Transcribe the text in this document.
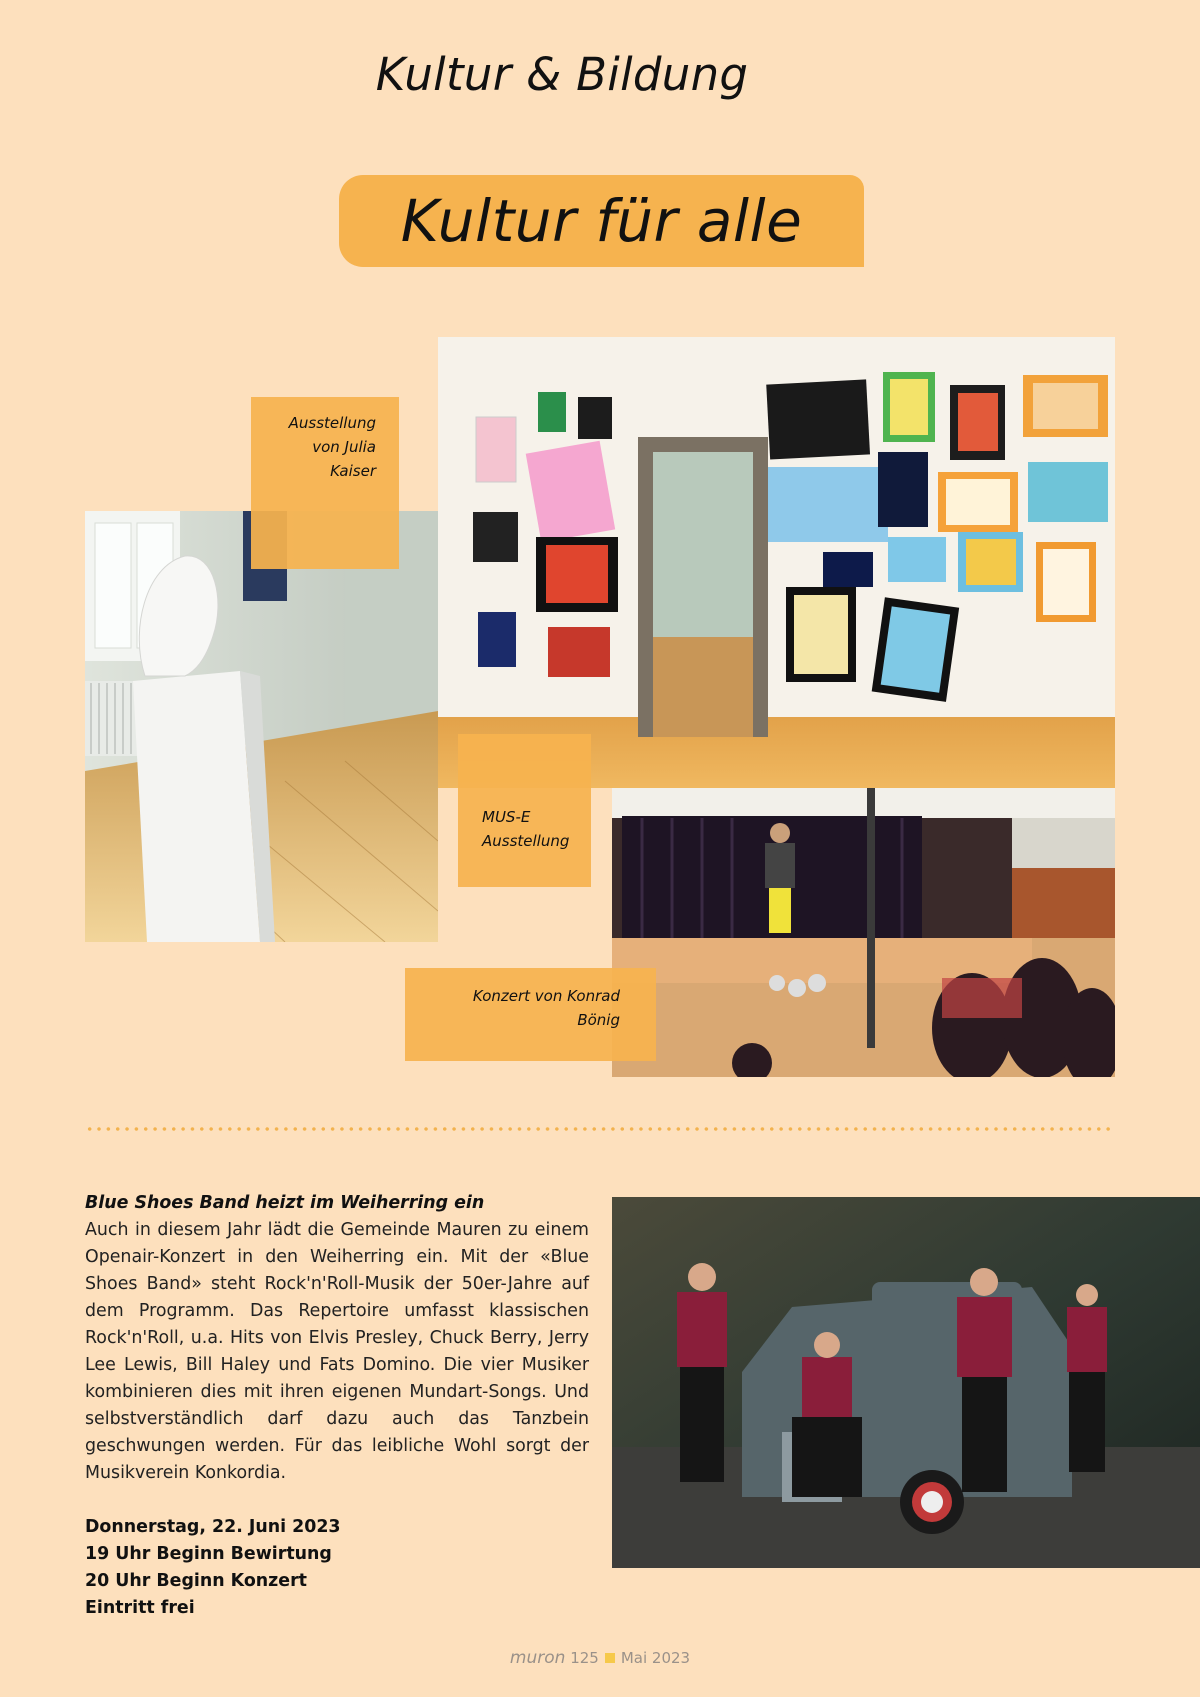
Kultur & Bildung
Kultur für alle
Ausstellung
von Julia
Kaiser
MUS-E
Ausstellung
Konzert von Konrad
Bönig
Blue Shoes Band heizt im Weiherring ein

Auch in diesem Jahr lädt die Gemeinde Mauren zu einem Openair-Konzert in den Weiherring ein. Mit der «Blue Shoes Band» steht Rock'n'Roll-Musik der 50er-Jahre auf dem Programm. Das Repertoire umfasst klassischen Rock'n'Roll, u.a. Hits von Elvis Presley, Chuck Berry, Jerry Lee Lewis, Bill Haley und Fats Domino. Die vier Musiker kombinieren dies mit ihren eigenen Mundart-Songs. Und selbstverständlich darf dazu auch das Tanzbein geschwungen werden. Für das leibliche Wohl sorgt der Musikverein Konkordia.

Donnerstag, 22. Juni 2023
19 Uhr Beginn Bewirtung
20 Uhr Beginn Konzert
Eintritt frei
muron 125 Mai 2023
